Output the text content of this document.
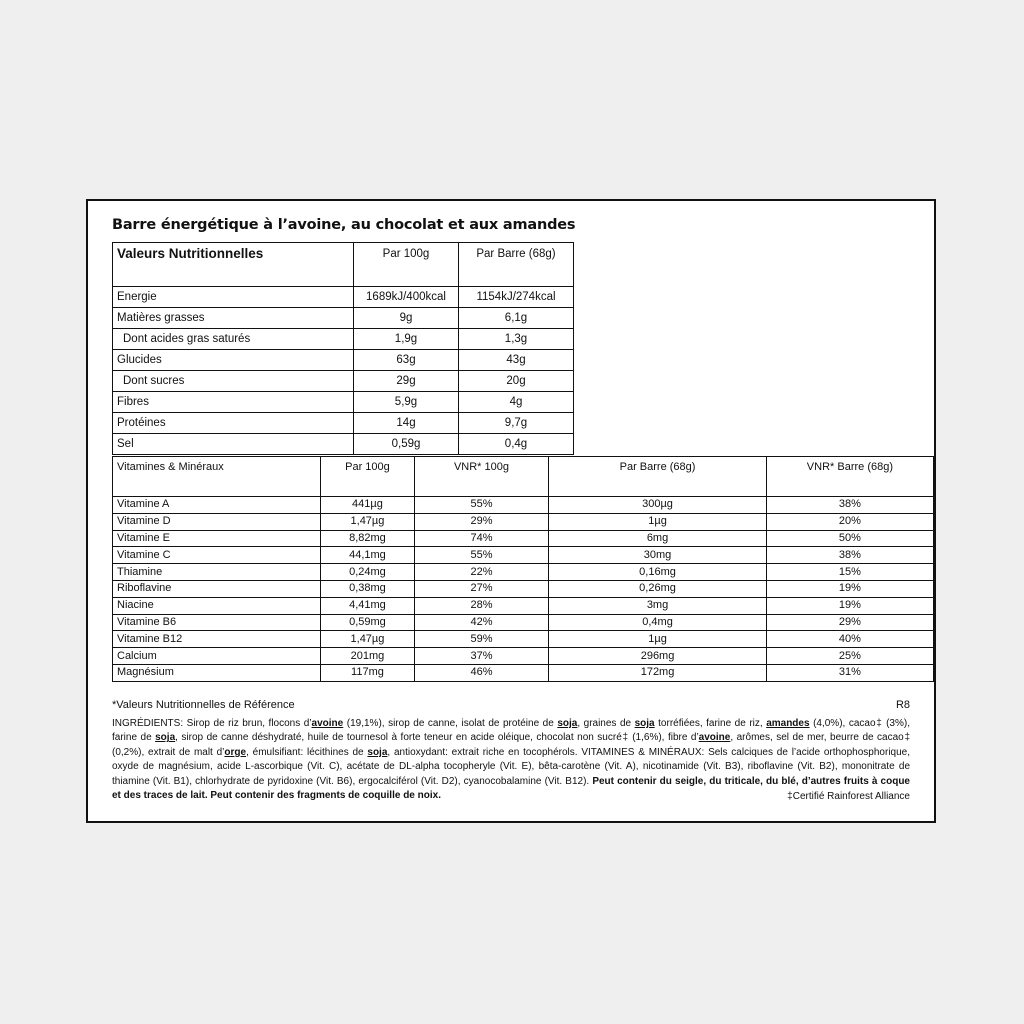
Barre énergétique à l’avoine, au chocolat et aux amandes
Valeurs Nutritionnelles	Par 100g	Par Barre (68g)
Energie	1689kJ/400kcal	1154kJ/274kcal
Matières grasses	9g	6,1g
Dont acides gras saturés	1,9g	1,3g
Glucides	63g	43g
Dont sucres	29g	20g
Fibres	5,9g	4g
Protéines	14g	9,7g
Sel	0,59g	0,4g
Vitamines & Minéraux	Par 100g	VNR* 100g	Par Barre (68g)	VNR* Barre (68g)
Vitamine A	441µg	55%	300µg	38%
Vitamine D	1,47µg	29%	1µg	20%
Vitamine E	8,82mg	74%	6mg	50%
Vitamine C	44,1mg	55%	30mg	38%
Thiamine	0,24mg	22%	0,16mg	15%
Riboflavine	0,38mg	27%	0,26mg	19%
Niacine	4,41mg	28%	3mg	19%
Vitamine B6	0,59mg	42%	0,4mg	29%
Vitamine B12	1,47µg	59%	1µg	40%
Calcium	201mg	37%	296mg	25%
Magnésium	117mg	46%	172mg	31%
*Valeurs Nutritionnelles de Référence	R8
INGRÉDIENTS: Sirop de riz brun, flocons d’avoine (19,1%), sirop de canne, isolat de protéine de soja, graines de soja torréfiées, farine de riz, amandes (4,0%), cacao‡ (3%), farine de soja, sirop de canne déshydraté, huile de tournesol à forte teneur en acide oléique, chocolat non sucré‡ (1,6%), fibre d’avoine, arômes, sel de mer, beurre de cacao‡ (0,2%), extrait de malt d’orge, émulsifiant: lécithines de soja, antioxydant: extrait riche en tocophérols. VITAMINES & MINÉRAUX: Sels calciques de l’acide orthophosphorique, oxyde de magnésium, acide L-ascorbique (Vit. C), acétate de DL-alpha tocopheryle (Vit. E), bêta-carotène (Vit. A), nicotinamide (Vit. B3), riboflavine (Vit. B2), mononitrate de thiamine (Vit. B1), chlorhydrate de pyridoxine (Vit. B6), ergocalciférol (Vit. D2), cyanocobalamine (Vit. B12). Peut contenir du seigle, du triticale, du blé, d’autres fruits à coque et des traces de lait. Peut contenir des fragments de coquille de noix.	‡Certifié Rainforest Alliance
